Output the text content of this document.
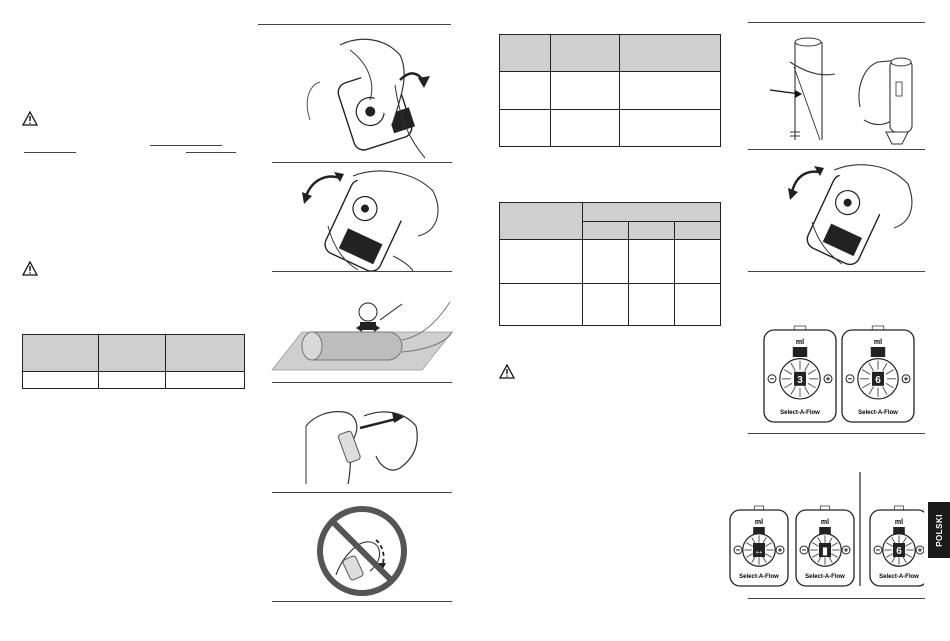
ml
3
Select-A-Flow
ml
6
Select-A-Flow
ml
↔
Select-A-Flow
ml
▮
Select-A-Flow
ml
6
Select-A-Flow
POLSKI
